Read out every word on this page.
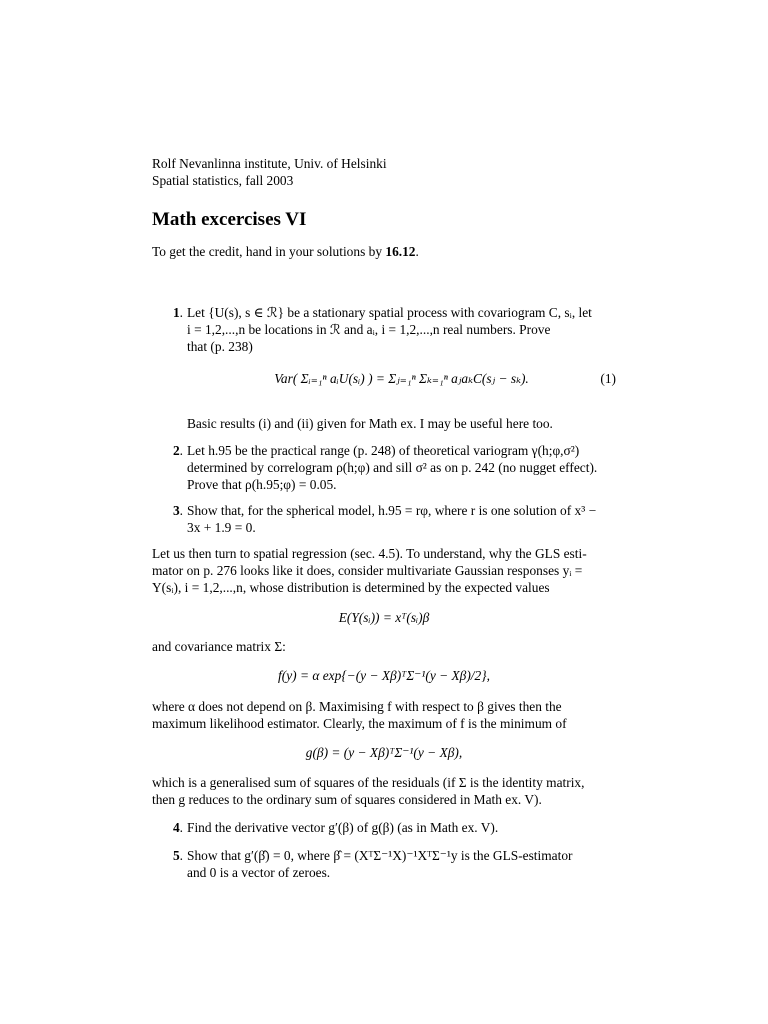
Rolf Nevanlinna institute, Univ. of Helsinki
Spatial statistics, fall 2003
Math excercises VI
To get the credit, hand in your solutions by 16.12.
1 . Let {U(s), s ∈ ℛ} be a stationary spatial process with covariogram C, sᵢ, let
i = 1,2,...,n be locations in ℛ and aᵢ, i = 1,2,...,n real numbers. Prove
that (p. 238)
Var( Σᵢ₌₁ⁿ aᵢU(sᵢ) ) = Σⱼ₌₁ⁿ Σₖ₌₁ⁿ aⱼaₖC(sⱼ − sₖ).	(1)
Basic results (i) and (ii) given for Math ex. I may be useful here too.
2 . Let h.95 be the practical range (p. 248) of theoretical variogram γ(h;φ,σ²)
determined by correlogram ρ(h;φ) and sill σ² as on p. 242 (no nugget effect).
Prove that ρ(h.95;φ) = 0.05.
3 . Show that, for the spherical model, h.95 = rφ, where r is one solution of x³ −
3x + 1.9 = 0.
Let us then turn to spatial regression (sec. 4.5). To understand, why the GLS esti-
mator on p. 276 looks like it does, consider multivariate Gaussian responses yᵢ =
Y(sᵢ), i = 1,2,...,n, whose distribution is determined by the expected values
E(Y(sᵢ)) = xᵀ(sᵢ)β
and covariance matrix Σ:
f(y) = α exp{−(y − Xβ)ᵀΣ⁻¹(y − Xβ)/2},
where α does not depend on β. Maximising f with respect to β gives then the
maximum likelihood estimator. Clearly, the maximum of f is the minimum of
g(β) = (y − Xβ)ᵀΣ⁻¹(y − Xβ),
which is a generalised sum of squares of the residuals (if Σ is the identity matrix,
then g reduces to the ordinary sum of squares considered in Math ex. V).
4 . Find the derivative vector g′(β) of g(β) (as in Math ex. V).
5 . Show that g′(β̂) = 0, where β̂ = (XᵀΣ⁻¹X)⁻¹XᵀΣ⁻¹y is the GLS-estimator
and 0 is a vector of zeroes.
